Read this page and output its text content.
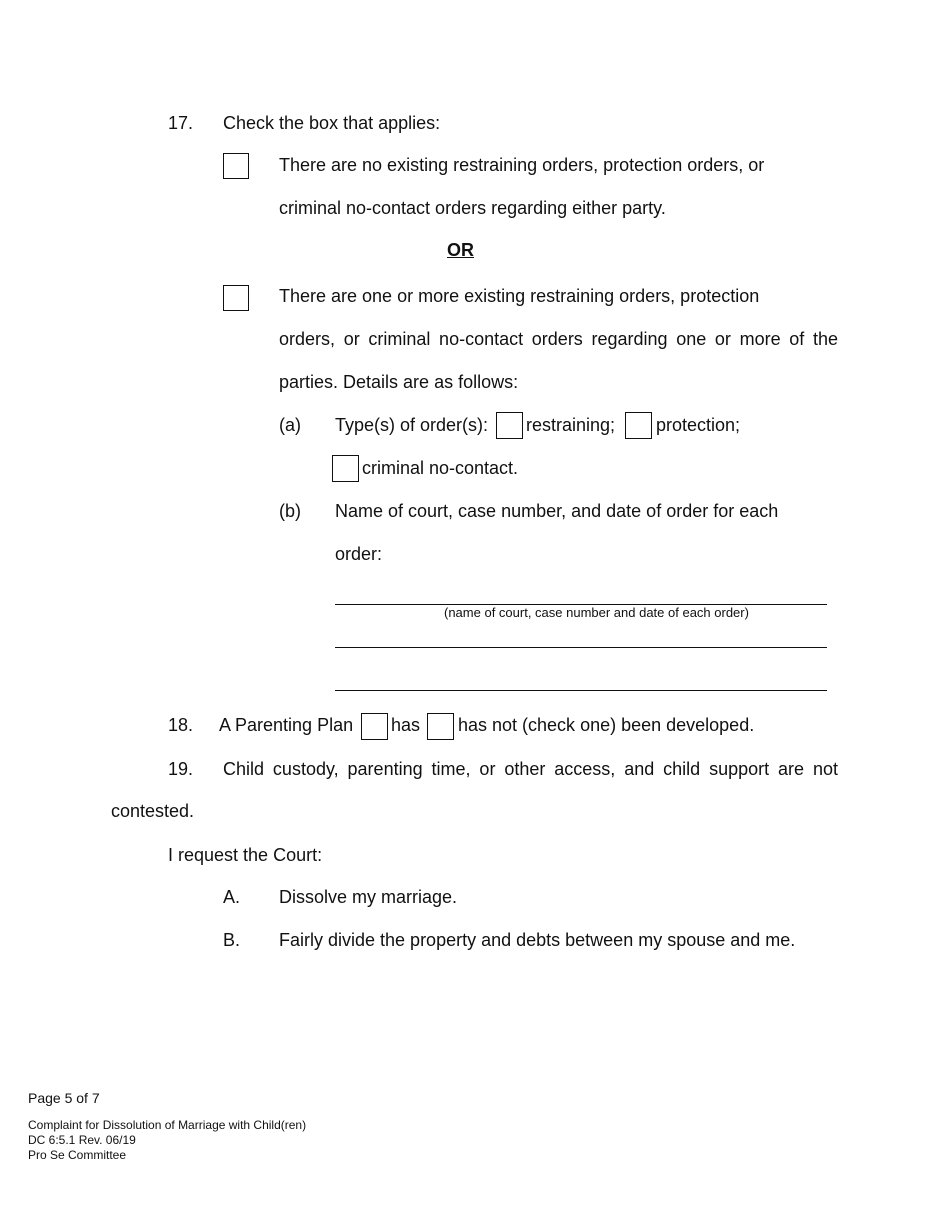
17. Check the box that applies:
There are no existing restraining orders, protection orders, or
criminal no-contact orders regarding either party.
OR
There are one or more existing restraining orders, protection
orders, or criminal no-contact orders regarding one or more of the
parties. Details are as follows:
(a) Type(s) of order(s): restraining; protection;
criminal no-contact.
(b) Name of court, case number, and date of order for each
order:
(name of court, case number and date of each order)
18. A Parenting Plan has has not (check one) been developed.
19. Child custody, parenting time, or other access, and child support are not
contested.
I request the Court:
A. Dissolve my marriage.
B. Fairly divide the property and debts between my spouse and me.
Page 5 of 7
Complaint for Dissolution of Marriage with Child(ren)
DC 6:5.1 Rev. 06/19
Pro Se Committee
